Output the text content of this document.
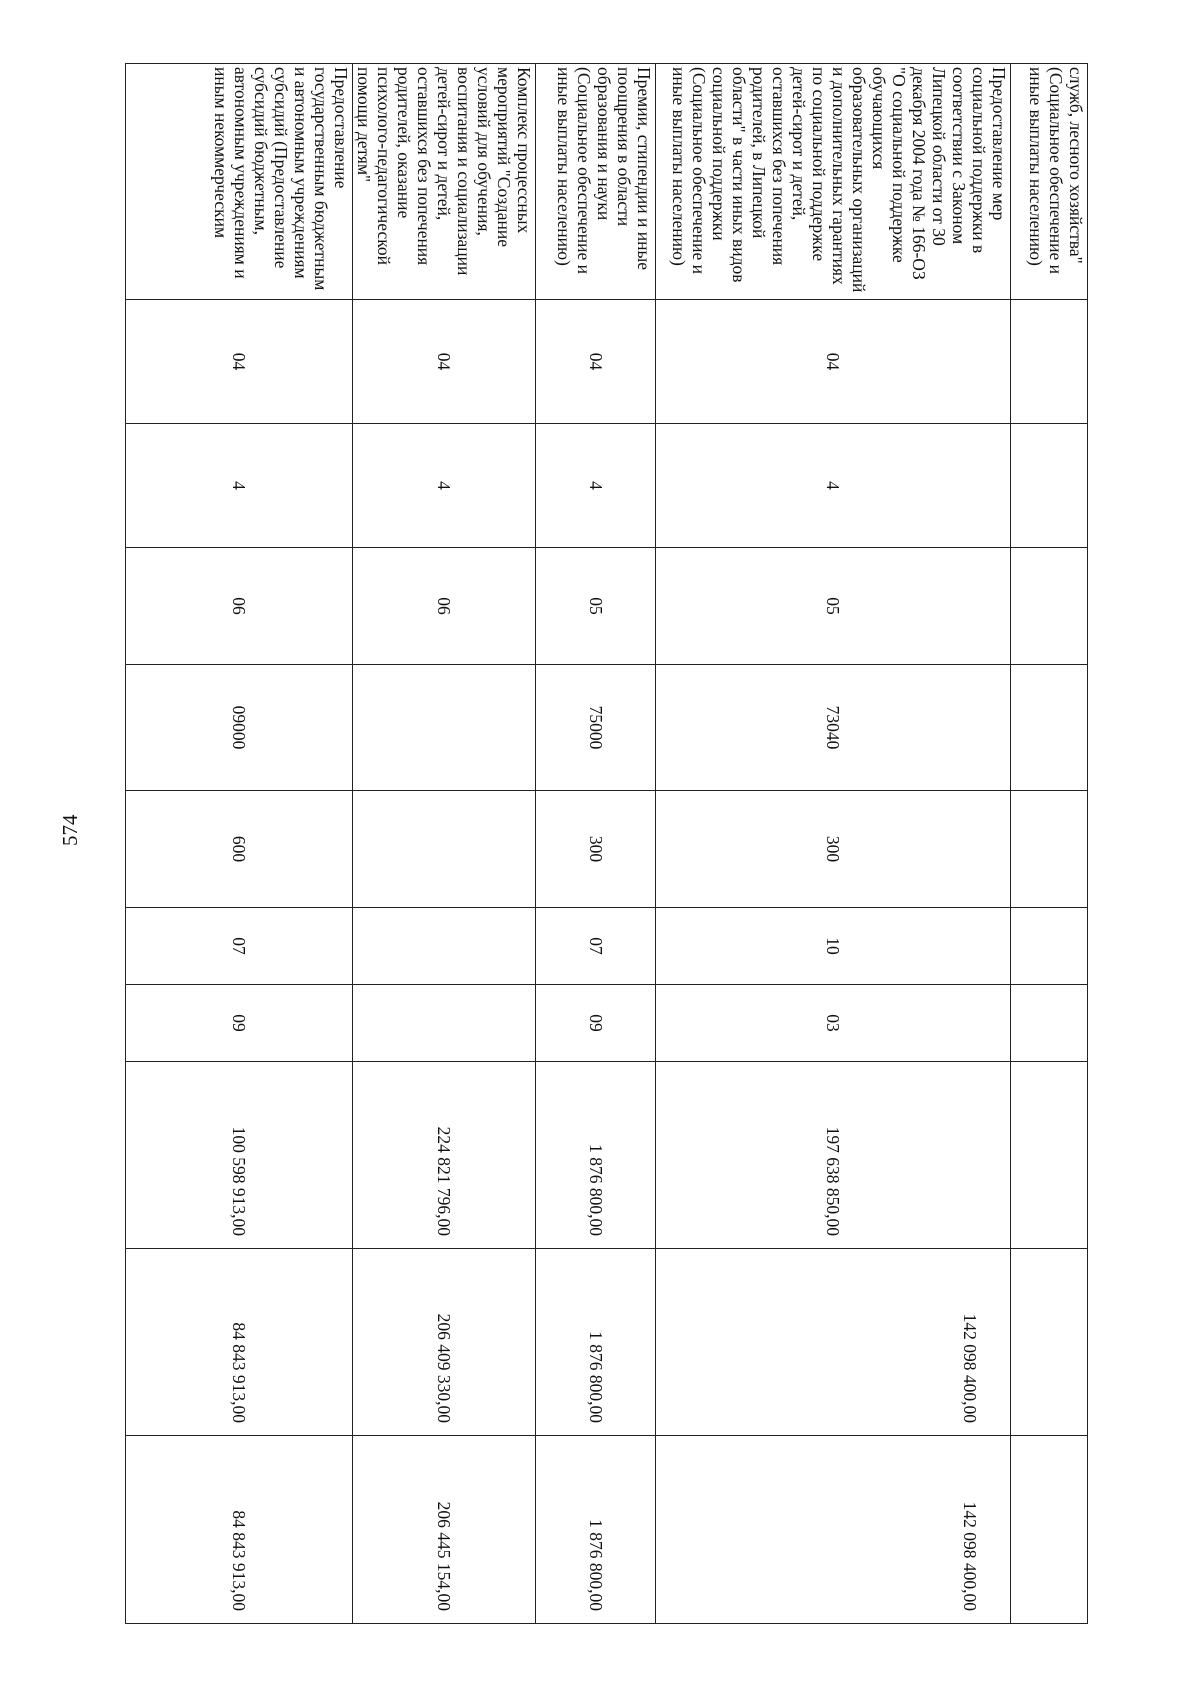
574
служб, лесного хозяйства" (Социальное обеспечение и иные выплаты населению)										
Предоставление мер социальной поддержки в соответствии с Законом Липецкой области от 30 декабря 2004 года № 166-ОЗ "О социальной поддержке обучающихся образовательных организаций и дополнительных гарантиях по социальной поддержке детей-сирот и детей, оставшихся без попечения родителей, в Липецкой области" в части иных видов социальной поддержки (Социальное обеспечение и иные выплаты населению)	04	4	05	73040	300	10	03	197 638 850,00	142 098 400,00	142 098 400,00
Премии, стипендии и иные поощрения в области образования и науки (Социальное обеспечение и иные выплаты населению)	04	4	05	75000	300	07	09	1 876 800,00	1 876 800,00	1 876 800,00
Комплекс процессных мероприятий "Создание условий для обучения, воспитания и социализации детей-сирот и детей, оставшихся без попечения родителей, оказание психолого-педагогической помощи детям"	04	4	06					224 821 796,00	206 409 330,00	206 445 154,00
Предоставление государственным бюджетным и автономным учреждениям субсидий (Предоставление субсидий бюджетным, автономным учреждениям и иным некоммерческим	04	4	06	09000	600	07	09	100 598 913,00	84 843 913,00	84 843 913,00
